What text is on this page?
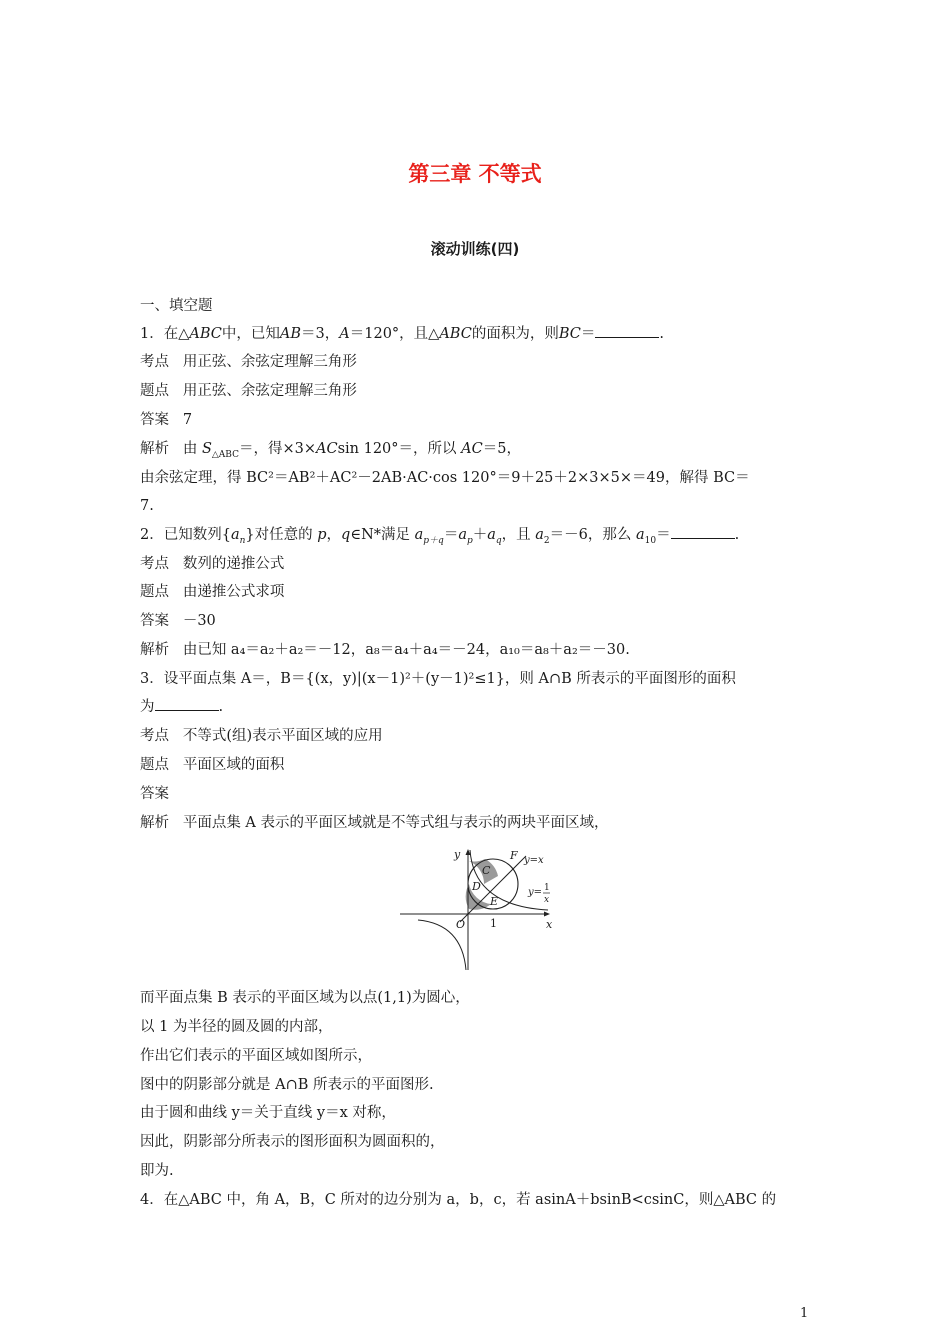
第三章 不等式
滚动训练(四)
一、填空题
1．在△ABC中，已知AB＝3，A＝120°，且△ABC的面积为，则BC＝	.
考点 用正弦、余弦定理解三角形
题点 用正弦、余弦定理解三角形
答案 7
解析 由 $S_{\triangle ABC}=$，得×3×ACsin 120°＝，所以 AC＝5，
由余弦定理，得 BC²＝AB²＋AC²－2AB·AC·cos 120°＝9＋25＋2×3×5×＝49，解得 BC＝
7.
2．已知数列$\{a_n\}$对任意的 p，q∈N*满足 $a_{p+q}=a_p+a_q$，且 $a_2=-6$，那么 $a_{10}=$	.
考点 数列的递推公式
题点 由递推公式求项
答案 －30
解析 由已知 a₄＝a₂＋a₂＝－12，a₈＝a₄＋a₄＝－24，a₁₀＝a₈＋a₂＝－30.
3．设平面点集 A＝，B＝{(x，y)|(x－1)²＋(y－1)²≤1}，则 A∩B 所表示的平面图形的面积
为	.
考点 不等式(组)表示平面区域的应用
题点 平面区域的面积
答案
解析 平面点集 A 表示的平面区域就是不等式组与表示的两块平面区域，
y
x
O 1
C
D
E
F y=x
y= 1
x
而平面点集 B 表示的平面区域为以点(1,1)为圆心，
以 1 为半径的圆及圆的内部，
作出它们表示的平面区域如图所示，
图中的阴影部分就是 A∩B 所表示的平面图形.
由于圆和曲线 y＝关于直线 y＝x 对称，
因此，阴影部分所表示的图形面积为圆面积的，
即为.
4．在△ABC 中，角 A，B，C 所对的边分别为 a，b，c，若 asinA＋bsinB<csinC，则△ABC 的
1
